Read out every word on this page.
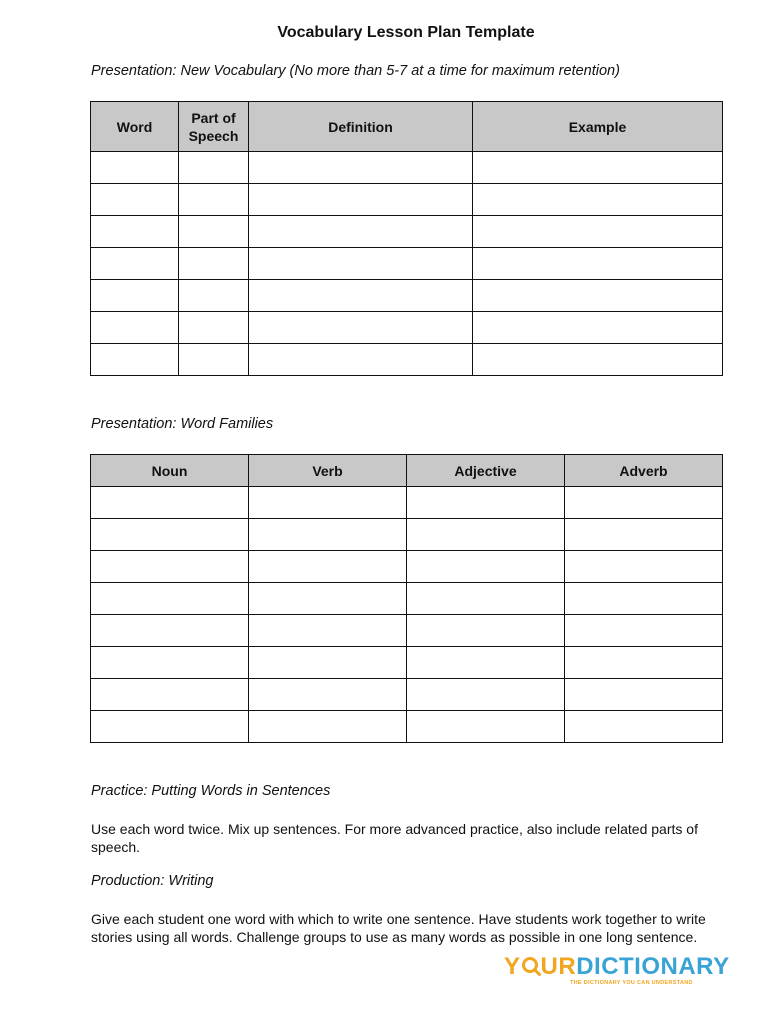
Vocabulary Lesson Plan Template
Presentation: New Vocabulary (No more than 5-7 at a time for maximum retention)
Word	Part of Speech	Definition	Example

Presentation: Word Families
Noun	Verb	Adjective	Adverb

Practice: Putting Words in Sentences
Use each word twice. Mix up sentences. For more advanced practice, also include related parts of speech.
Production: Writing
Give each student one word with which to write one sentence. Have students work together to write stories using all words. Challenge groups to use as many words as possible in one long sentence.
Y URDICTIONARY
THE DICTIONARY YOU CAN UNDERSTAND
